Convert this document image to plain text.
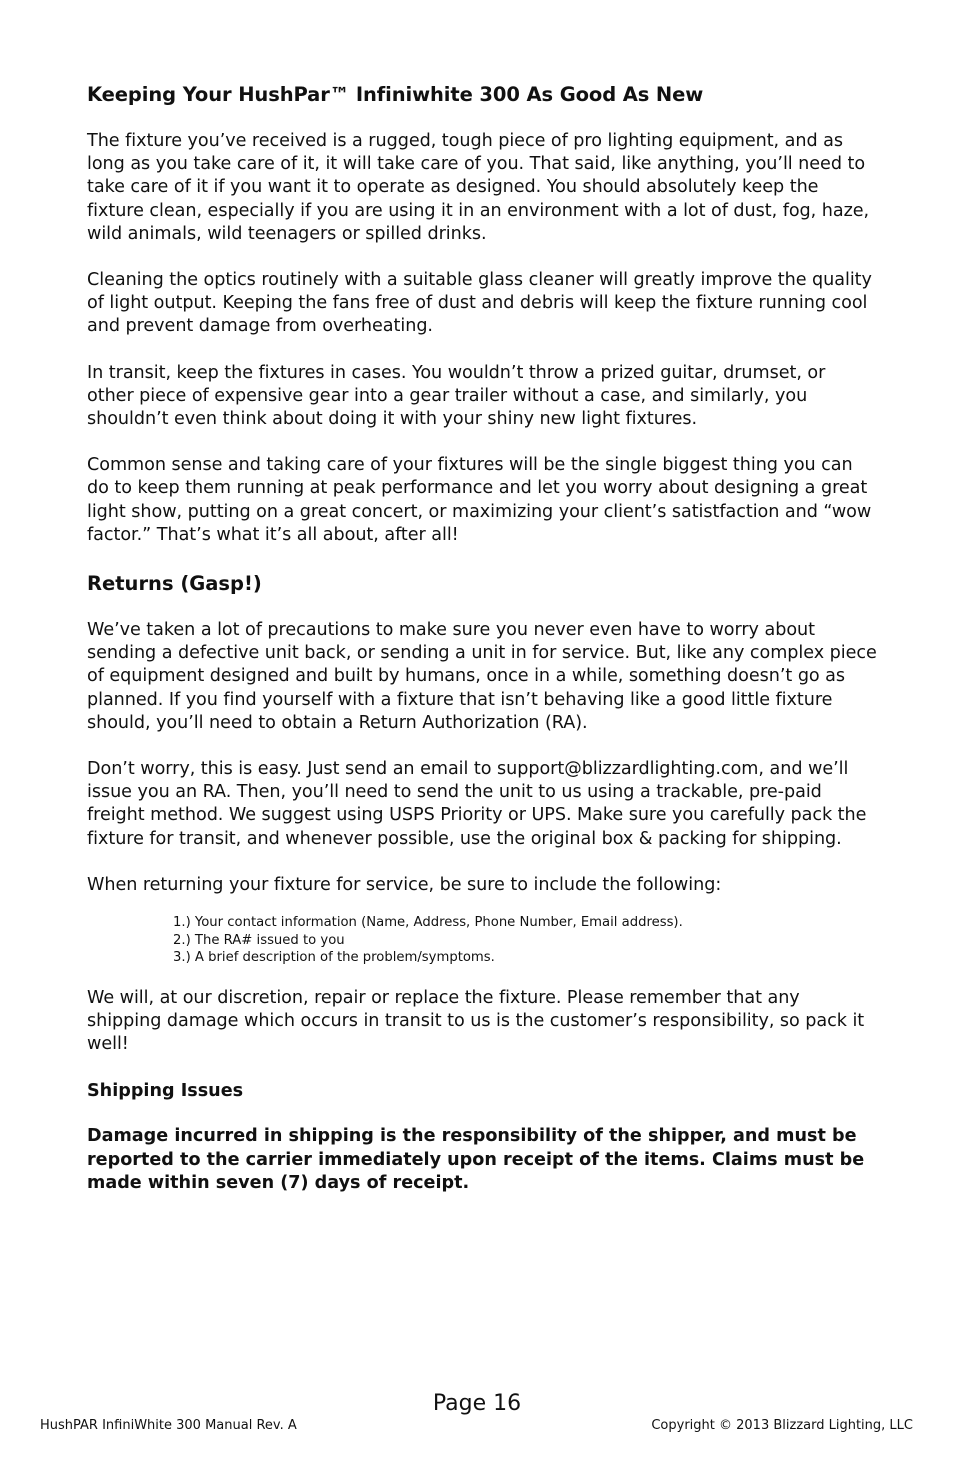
Keeping Your HushPar™ Infiniwhite 300 As Good As New

The fixture you’ve received is a rugged, tough piece of pro lighting equipment, and as long as you take care of it, it will take care of you. That said, like anything, you’ll need to take care of it if you want it to operate as designed. You should absolutely keep the fixture clean, especially if you are using it in an environment with a lot of dust, fog, haze, wild animals, wild teenagers or spilled drinks.

Cleaning the optics routinely with a suitable glass cleaner will greatly improve the quality of light output. Keeping the fans free of dust and debris will keep the fixture running cool and prevent damage from overheating.

In transit, keep the fixtures in cases. You wouldn’t throw a prized guitar, drumset, or other piece of expensive gear into a gear trailer without a case, and similarly, you shouldn’t even think about doing it with your shiny new light fixtures.

Common sense and taking care of your fixtures will be the single biggest thing you can do to keep them running at peak performance and let you worry about designing a great light show, putting on a great concert, or maximizing your client’s satistfaction and “wow factor.” That’s what it’s all about, after all!

Returns (Gasp!)

We’ve taken a lot of precautions to make sure you never even have to worry about sending a defective unit back, or sending a unit in for service. But, like any complex piece of equipment designed and built by humans, once in a while, something doesn’t go as planned. If you find yourself with a fixture that isn’t behaving like a good little fixture should, you’ll need to obtain a Return Authorization (RA).

Don’t worry, this is easy. Just send an email to support@blizzardlighting.com, and we’ll issue you an RA. Then, you’ll need to send the unit to us using a trackable, pre-paid freight method. We suggest using USPS Priority or UPS. Make sure you carefully pack the fixture for transit, and whenever possible, use the original box & packing for shipping.

When returning your fixture for service, be sure to include the following:

1.) Your contact information (Name, Address, Phone Number, Email address).
2.) The RA# issued to you
3.) A brief description of the problem/symptoms.

We will, at our discretion, repair or replace the fixture. Please remember that any shipping damage which occurs in transit to us is the customer’s responsibility, so pack it well!

Shipping Issues

Damage incurred in shipping is the responsibility of the shipper, and must be reported to the carrier immediately upon receipt of the items. Claims must be made within seven (7) days of receipt.

Page 16
HushPAR InfiniWhite 300 Manual Rev. A	Copyright © 2013 Blizzard Lighting, LLC
